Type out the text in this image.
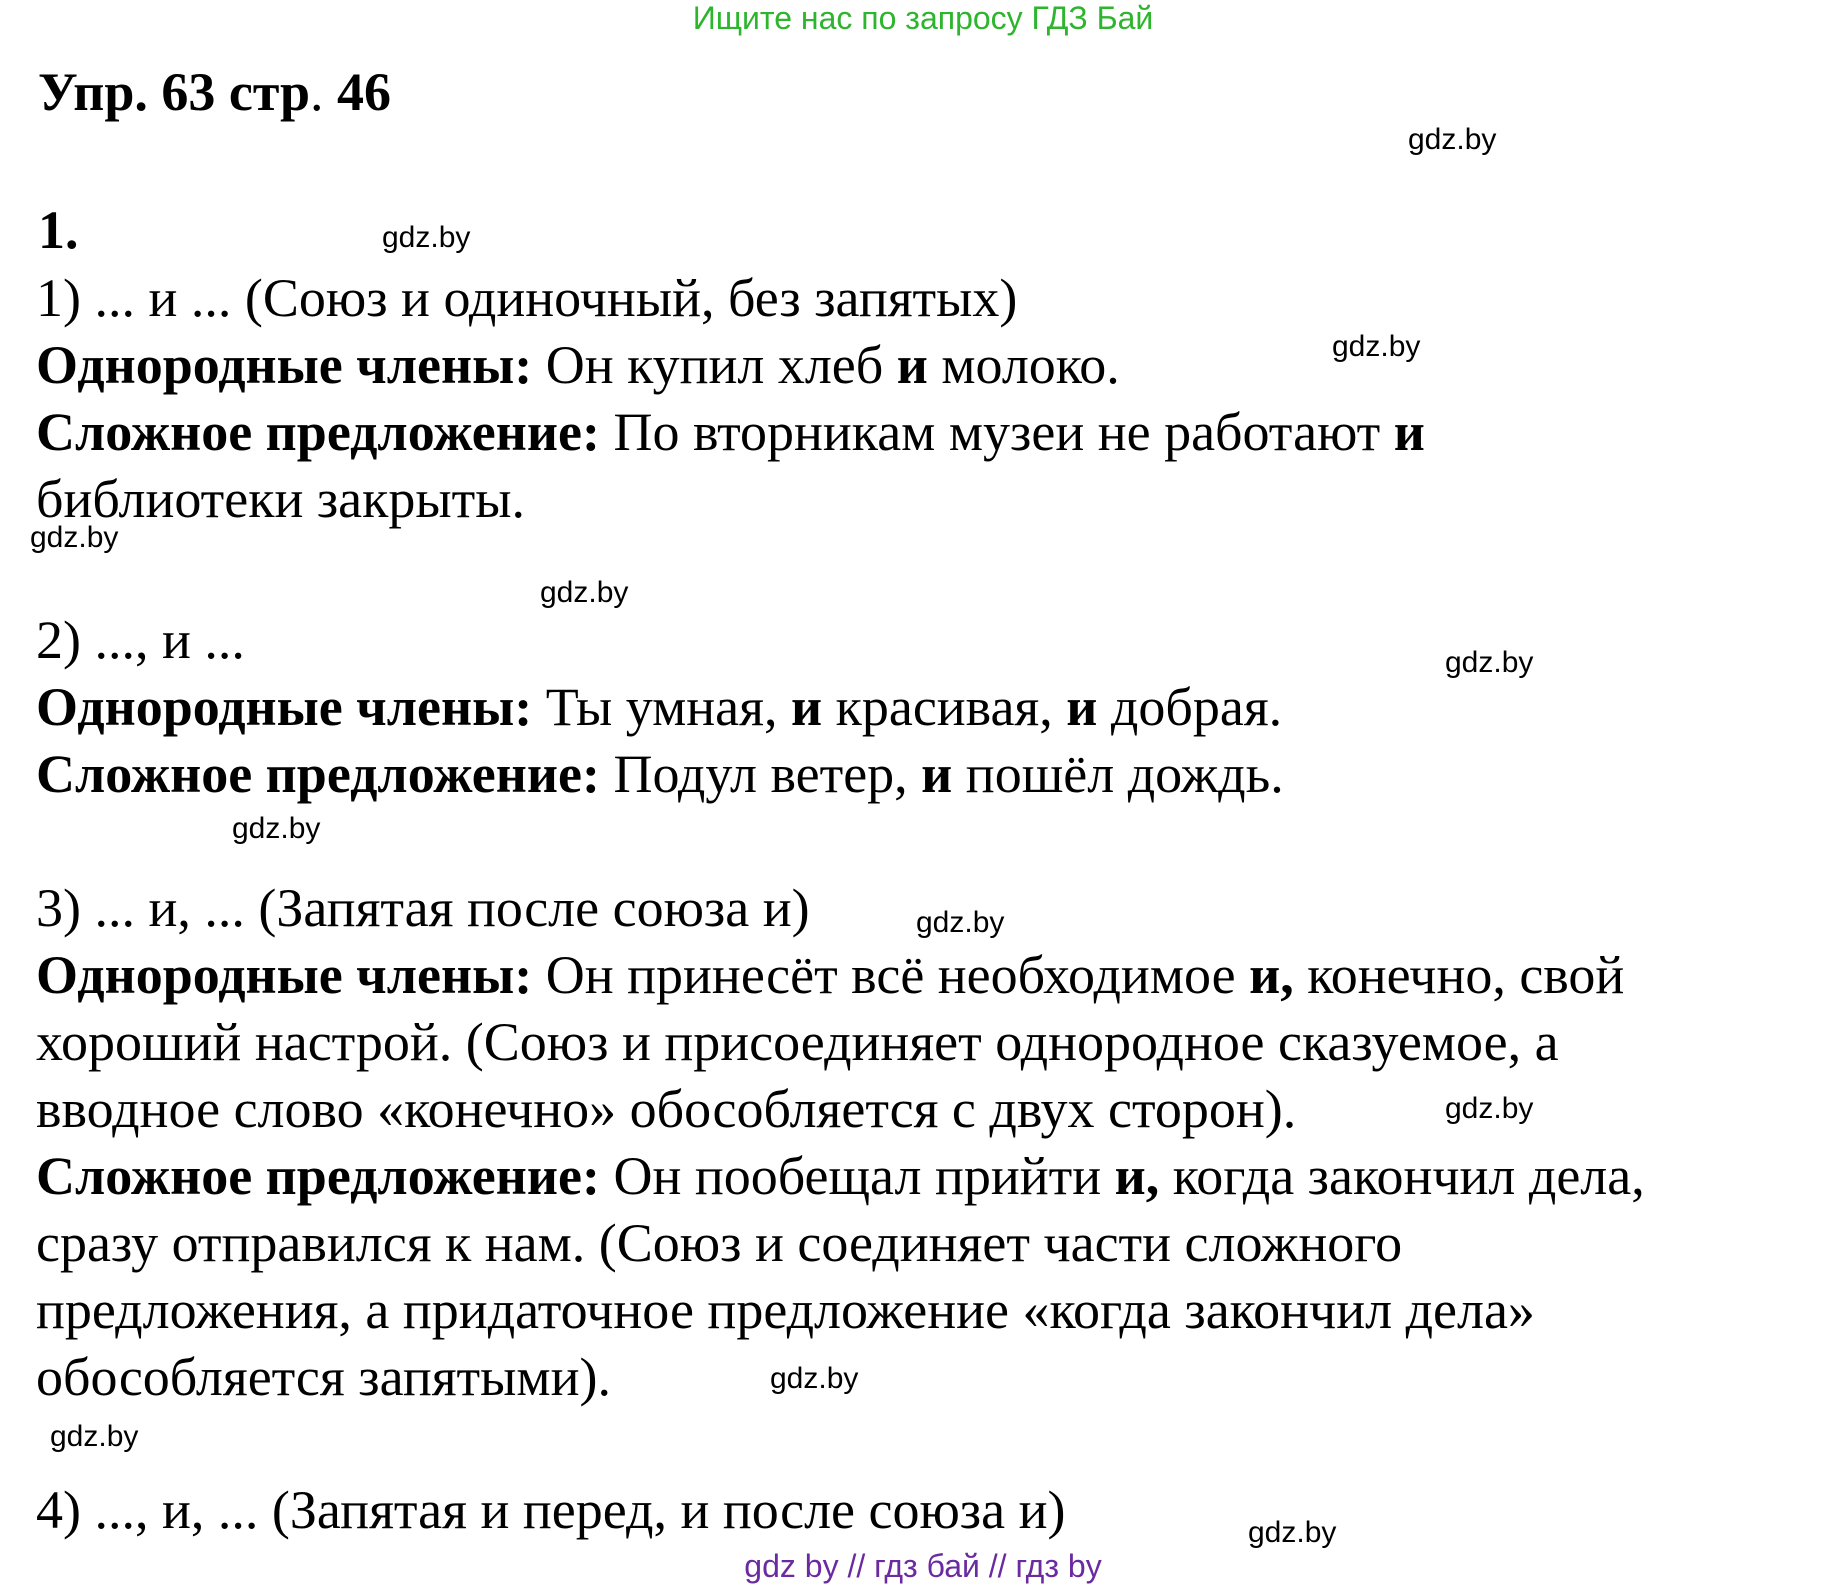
Ищите нас по запросу ГДЗ Бай
Упр. 63 стр. 46
1.
1) ... и ... (Союз и одиночный, без запятых)
Однородные члены: Он купил хлеб и молоко.
Сложное предложение: По вторникам музеи не работают и
библиотеки закрыты.
2) ..., и ...
Однородные члены: Ты умная, и красивая, и добрая.
Сложное предложение: Подул ветер, и пошёл дождь.
3) ... и, ... (Запятая после союза и)
Однородные члены: Он принесёт всё необходимое и, конечно, свой
хороший настрой. (Союз и присоединяет однородное сказуемое, а
вводное слово «конечно» обособляется с двух сторон).
Сложное предложение: Он пообещал прийти и, когда закончил дела,
сразу отправился к нам. (Союз и соединяет части сложного
предложения, а придаточное предложение «когда закончил дела»
обособляется запятыми).
4) ..., и, ... (Запятая и перед, и после союза и)
gdz.by
gdz.by
gdz.by
gdz.by
gdz.by
gdz.by
gdz.by
gdz.by
gdz.by
gdz.by
gdz.by
gdz.by
gdz by // гдз бай // гдз by
